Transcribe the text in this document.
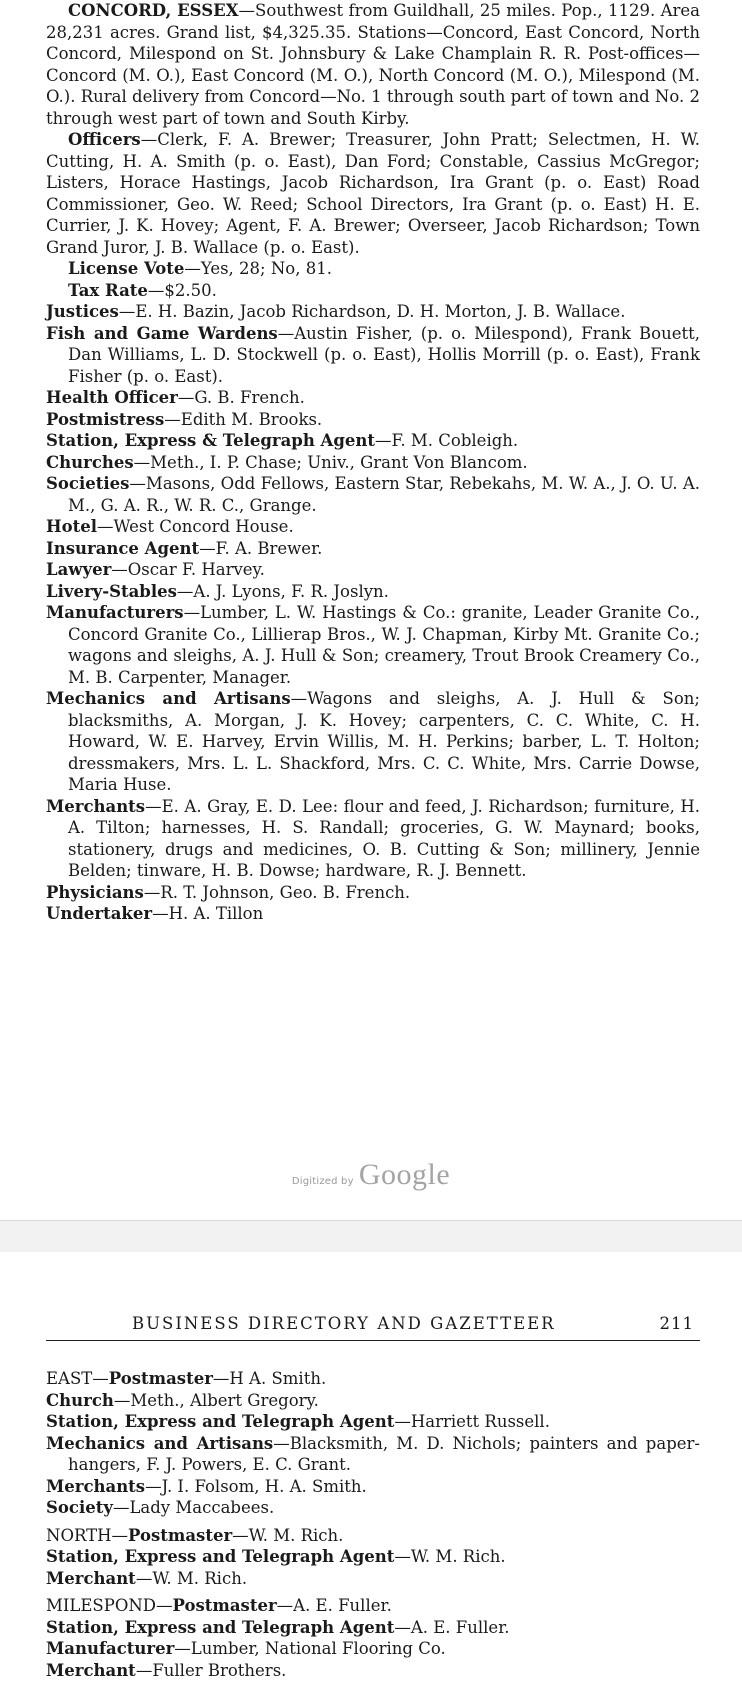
CONCORD, ESSEX—Southwest from Guildhall, 25 miles. Pop., 1129. Area 28,231 acres. Grand list, $4,325.35. Stations—Concord, East Concord, North Concord, Milespond on St. Johnsbury & Lake Champlain R. R. Post-offices—Concord (M. O.), East Concord (M. O.), North Concord (M. O.), Milespond (M. O.). Rural delivery from Concord—No. 1 through south part of town and No. 2 through west part of town and South Kirby.

Officers—Clerk, F. A. Brewer; Treasurer, John Pratt; Selectmen, H. W. Cutting, H. A. Smith (p. o. East), Dan Ford; Constable, Cassius McGregor; Listers, Horace Hastings, Jacob Richardson, Ira Grant (p. o. East) Road Commissioner, Geo. W. Reed; School Directors, Ira Grant (p. o. East) H. E. Currier, J. K. Hovey; Agent, F. A. Brewer; Overseer, Jacob Richardson; Town Grand Juror, J. B. Wallace (p. o. East).

License Vote—Yes, 28; No, 81.

Tax Rate—$2.50.

Justices—E. H. Bazin, Jacob Richardson, D. H. Morton, J. B. Wallace.

Fish and Game Wardens—Austin Fisher, (p. o. Milespond), Frank Bouett, Dan Williams, L. D. Stockwell (p. o. East), Hollis Morrill (p. o. East), Frank Fisher (p. o. East).

Health Officer—G. B. French.

Postmistress—Edith M. Brooks.

Station, Express & Telegraph Agent—F. M. Cobleigh.

Churches—Meth., I. P. Chase; Univ., Grant Von Blancom.

Societies—Masons, Odd Fellows, Eastern Star, Rebekahs, M. W. A., J. O. U. A. M., G. A. R., W. R. C., Grange.

Hotel—West Concord House.

Insurance Agent—F. A. Brewer.

Lawyer—Oscar F. Harvey.

Livery-Stables—A. J. Lyons, F. R. Joslyn.

Manufacturers—Lumber, L. W. Hastings & Co.: granite, Leader Granite Co., Concord Granite Co., Lillierap Bros., W. J. Chapman, Kirby Mt. Granite Co.; wagons and sleighs, A. J. Hull & Son; creamery, Trout Brook Creamery Co., M. B. Carpenter, Manager.

Mechanics and Artisans—Wagons and sleighs, A. J. Hull & Son; blacksmiths, A. Morgan, J. K. Hovey; carpenters, C. C. White, C. H. Howard, W. E. Harvey, Ervin Willis, M. H. Perkins; barber, L. T. Holton; dressmakers, Mrs. L. L. Shackford, Mrs. C. C. White, Mrs. Carrie Dowse, Maria Huse.

Merchants—E. A. Gray, E. D. Lee: flour and feed, J. Richardson; furniture, H. A. Tilton; harnesses, H. S. Randall; groceries, G. W. Maynard; books, stationery, drugs and medicines, O. B. Cutting & Son; millinery, Jennie Belden; tinware, H. B. Dowse; hardware, R. J. Bennett.

Physicians—R. T. Johnson, Geo. B. French.

Undertaker—H. A. Tillon

Digitized by Google
BUSINESS DIRECTORY AND GAZETTEER	211

EAST—Postmaster—H A. Smith.

Church—Meth., Albert Gregory.

Station, Express and Telegraph Agent—Harriett Russell.

Mechanics and Artisans—Blacksmith, M. D. Nichols; painters and paper-hangers, F. J. Powers, E. C. Grant.

Merchants—J. I. Folsom, H. A. Smith.

Society—Lady Maccabees.

NORTH—Postmaster—W. M. Rich.

Station, Express and Telegraph Agent—W. M. Rich.

Merchant—W. M. Rich.

MILESPOND—Postmaster—A. E. Fuller.

Station, Express and Telegraph Agent—A. E. Fuller.

Manufacturer—Lumber, National Flooring Co.

Merchant—Fuller Brothers.
